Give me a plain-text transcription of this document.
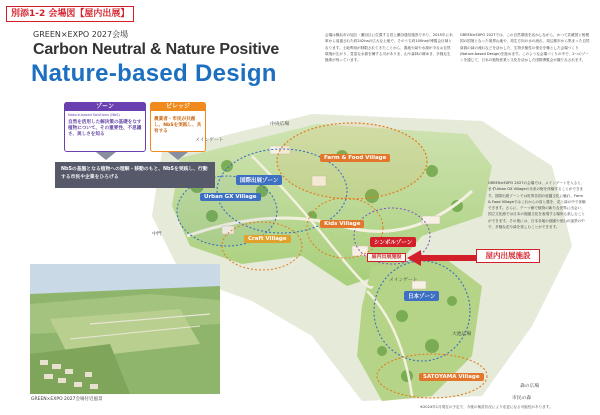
別添1-2 会場図【屋内出展】
GREEN×EXPO 2027会場
Carbon Neutral & Nature Positive
Nature-based Design
会場は横浜市の旭区・瀬谷区に位置する旧上瀬谷通信施設であり、2015年に米軍から返還された約242haの広大な土地で、そのうち約100haが博覧会区域となります。土地利用が制限されてきたことから、農地や緑や水源が今なお自然環境が広がり、豊富な水源を擁する川がありま、山や森林の郷ゆき、多様な生態系が残っています。
GREEN×EXPO 2027では、この自然環境を活かしながら、かつて武蔵国と相模国の国境となった境界山地や、再生方向の水の流れ、周辺都市から集まった自然資源の緑の流れなどを活かした、生物多様性の保全を軸とした会場づくり(Nature-based Design)を進めます。このような会場づくりの中で、2つのゾーンを通じて、日本の植物産業と文化を活かした国際博覧会が織りなされます。
ゾーン
Nature-based Solutions (NbS)
自然を活用した解決策の基礎をなす植物について、その重要性、不思議さ、美しさを知る
ビレッジ
農業者・市民が共創し、NbSを実践し、共有する
NbSの基盤となる植物への理解・移動のもと、NbSを実践し、行動する市民や企業をひろげる
メインゲート
中央広場
Farm & Food Village
国際出展ゾーン
Urban GX Village
Kids Village
Craft Village
シンボルゾーン
日本ゾーン
SATOYAMA Village
中門
メインゲート
大池広場
森の広場
市民の森
屋内出展施設	屋内出展施設
GREEN×EXPO 2027の会場では、メインゲートを入ると、まずUrban GX Villageの未来の街を体験することができます。国際出展ゾーンでは世界各国の庭園文化に触れ、Farm & Food Villageではこれからの食と農を、花と緑の中で体験できます。さらに、テーマ館で植物の新たな世界に出会い、国立文化館では日本の庭園文化を表現する場所も楽しむことができます。その奥には、日本各地の庭園や里山の風景の中で、多様な花や緑を楽しむことができます。
GREEN×EXPO 2027会場付近風景
※2024年1月現在の予定で、今後の検討状況により変更になる可能性があります。
